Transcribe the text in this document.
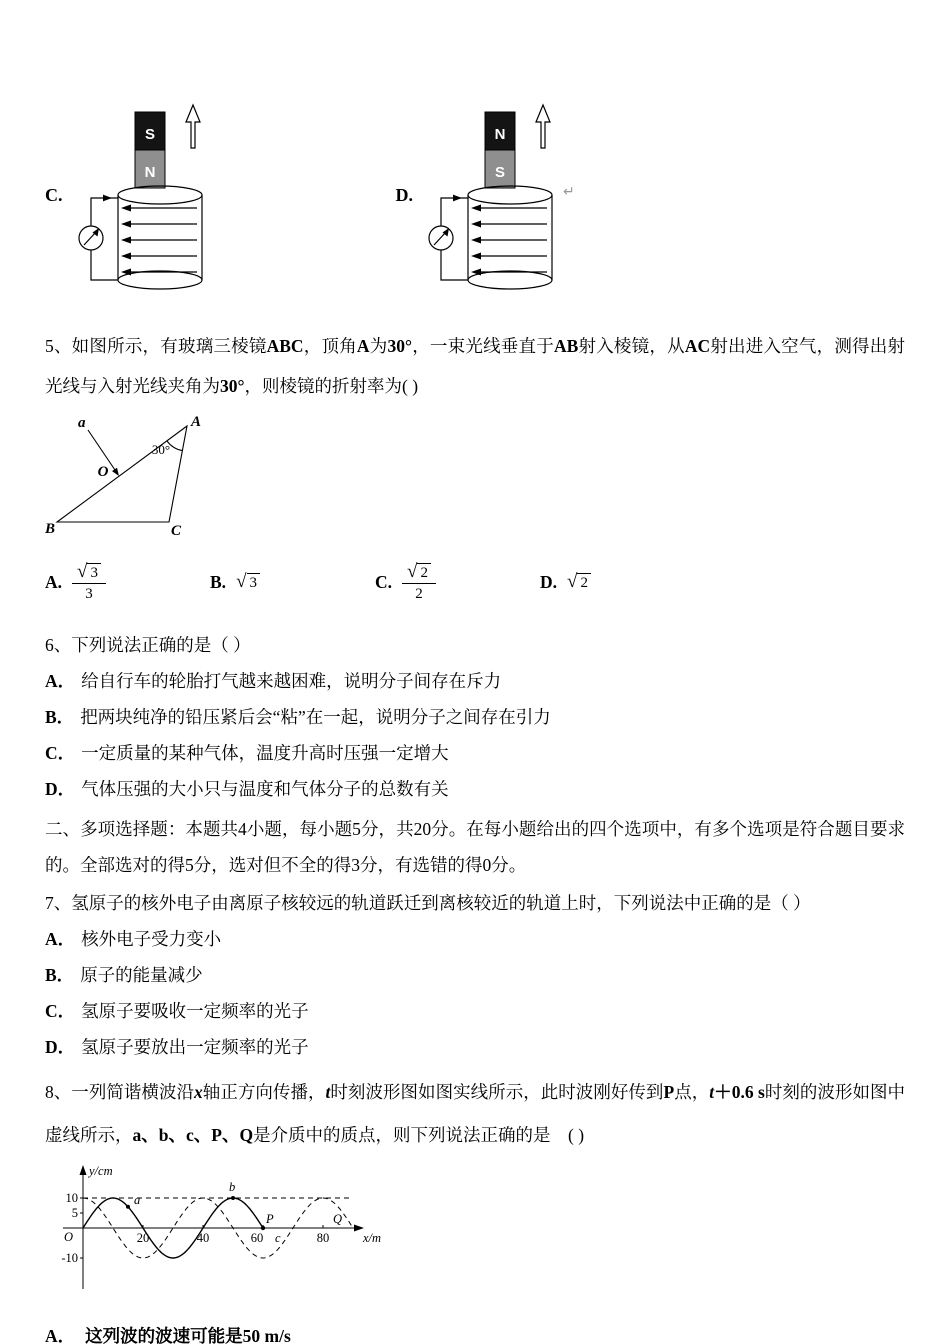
C.
S
N
D.
N
S
↵

5、如图所示，有玻璃三棱镜ABC，顶角A为30°，一束光线垂直于AB射入棱镜，从AC射出进入空气，测得出射光线与入射光线夹角为30°，则棱镜的折射率为( )

30°
A
B	C
O
a
A. $\frac{√ 3}{3}$	B. √ 3	C. $\frac{√ 2}{2}$	D. √ 2

6、下列说法正确的是（ ）

A． 给自行车的轮胎打气越来越困难，说明分子间存在斥力

B． 把两块纯净的铅压紧后会“粘”在一起，说明分子之间存在引力

C． 一定质量的某种气体，温度升高时压强一定增大

D． 气体压强的大小只与温度和气体分子的总数有关

二、多项选择题：本题共4小题，每小题5分，共20分。在每小题给出的四个选项中，有多个选项是符合题目要求的。全部选对的得5分，选对但不全的得3分，有选错的得0分。

7、氢原子的核外电子由离原子核较远的轨道跃迁到离核较近的轨道上时，下列说法中正确的是（ ）

A． 核外电子受力变小

B． 原子的能量减少

C． 氢原子要吸收一定频率的光子

D． 氢原子要放出一定频率的光子

8、一列简谐横波沿x轴正方向传播，t时刻波形图如图实线所示，此时波刚好传到P点，t＋0.6 s时刻的波形如图中虚线所示，a、b、c、P、Q是介质中的质点，则下列说法正确的是　( )

y/cm
x/m
10
5
-10
O	20	40	60	80
a
b
c
P	Q

A． 这列波的波速可能是50 m/s
